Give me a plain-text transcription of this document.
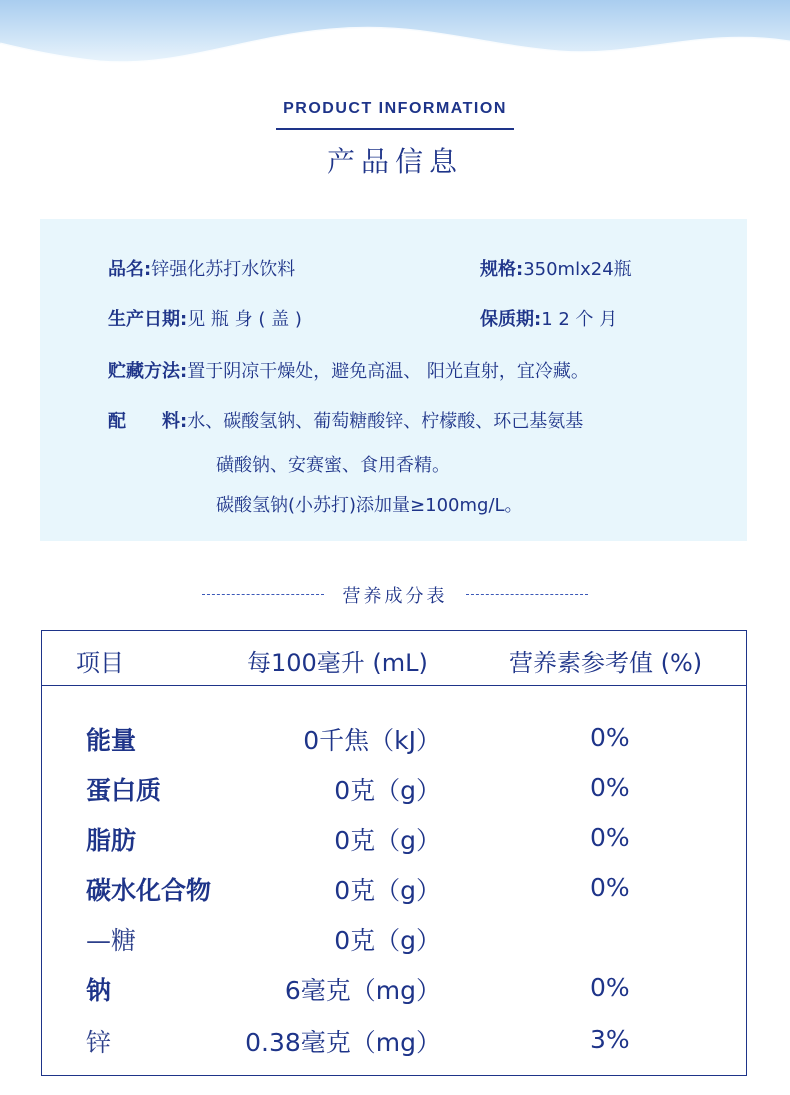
PRODUCT INFORMATION
产品信息
品名:锌强化苏打水饮料	规格:350mlx24瓶
生产日期:见 瓶 身 ( 盖 )	保质期:1 2 个 月
贮藏方法:置于阴凉干燥处，避免高温、 阳光直射，宜冷藏。
配　　料:水、碳酸氢钠、葡萄糖酸锌、柠檬酸、环己基氨基
磺酸钠、安赛蜜、食用香精。
碳酸氢钠(小苏打)添加量≥100mg/L。
营养成分表
项目	每100毫升 (mL)	营养素参考值 (%)
能量	0千焦（kJ）	0%
蛋白质	0克（g）	0%
脂肪	0克（g）	0%
碳水化合物	0克（g）	0%
—糖	0克（g）
钠	6毫克（mg）	0%
锌	0.38毫克（mg）	3%
